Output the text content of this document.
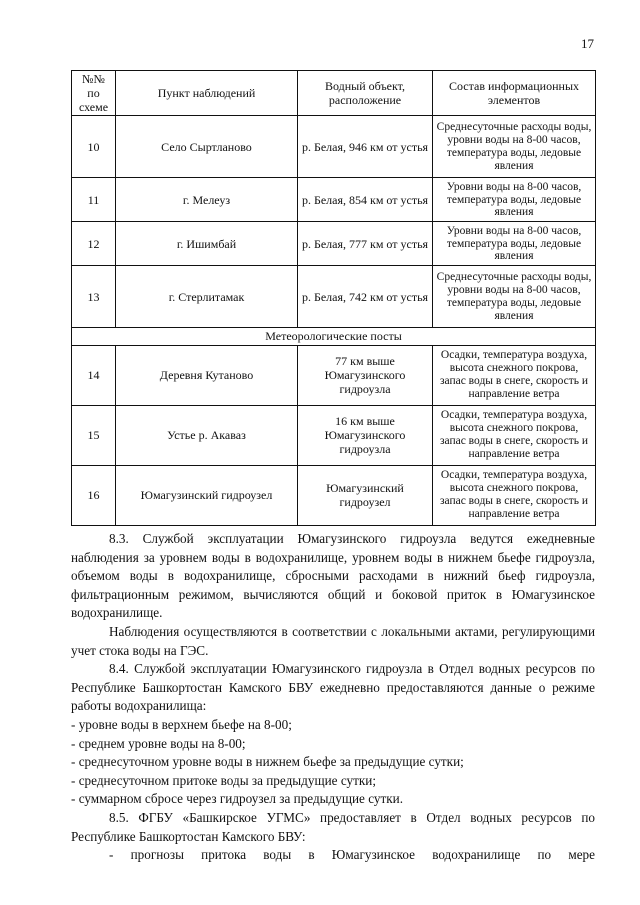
17
№№ по схеме	Пункт наблюдений	Водный объект, расположение	Состав информационных элементов
10	Село Сыртланово	р. Белая, 946 км от устья	Среднесуточные расходы воды, уровни воды на 8-00 часов, температура воды, ледовые явления
11	г. Мелеуз	р. Белая, 854 км от устья	Уровни воды на 8-00 часов, температура воды, ледовые явления
12	г. Ишимбай	р. Белая, 777 км от устья	Уровни воды на 8-00 часов, температура воды, ледовые явления
13	г. Стерлитамак	р. Белая, 742 км от устья	Среднесуточные расходы воды, уровни воды на 8-00 часов, температура воды, ледовые явления
Метеорологические посты			
14	Деревня Кутаново	77 км выше Юмагузинского гидроузла	Осадки, температура воздуха, высота снежного покрова, запас воды в снеге, скорость и направление ветра
15	Устье р. Акаваз	16 км выше Юмагузинского гидроузла	Осадки, температура воздуха, высота снежного покрова, запас воды в снеге, скорость и направление ветра
16	Юмагузинский гидроузел	Юмагузинский гидроузел	Осадки, температура воздуха, высота снежного покрова, запас воды в снеге, скорость и направление ветра

8.3. Службой эксплуатации Юмагузинского гидроузла ведутся ежедневные наблюдения за уровнем воды в водохранилище, уровнем воды в нижнем бьефе гидроузла, объемом воды в водохранилище, сбросными расходами в нижний бьеф гидроузла, фильтрационным режимом, вычисляются общий и боковой приток в Юмагузинское водохранилище.

Наблюдения осуществляются в соответствии с локальными актами, регулирующими учет стока воды на ГЭС.

8.4. Службой эксплуатации Юмагузинского гидроузла в Отдел водных ресурсов по Республике Башкортостан Камского БВУ ежедневно предоставляются данные о режиме работы водохранилища:

- уровне воды в верхнем бьефе на 8-00;

- среднем уровне воды на 8-00;

- среднесуточном уровне воды в нижнем бьефе за предыдущие сутки;

- среднесуточном притоке воды за предыдущие сутки;

- суммарном сбросе через гидроузел за предыдущие сутки.

8.5. ФГБУ «Башкирское УГМС» предоставляет в Отдел водных ресурсов по Республике Башкортостан Камского БВУ:

- прогнозы притока воды в Юмагузинское водохранилище по мере
